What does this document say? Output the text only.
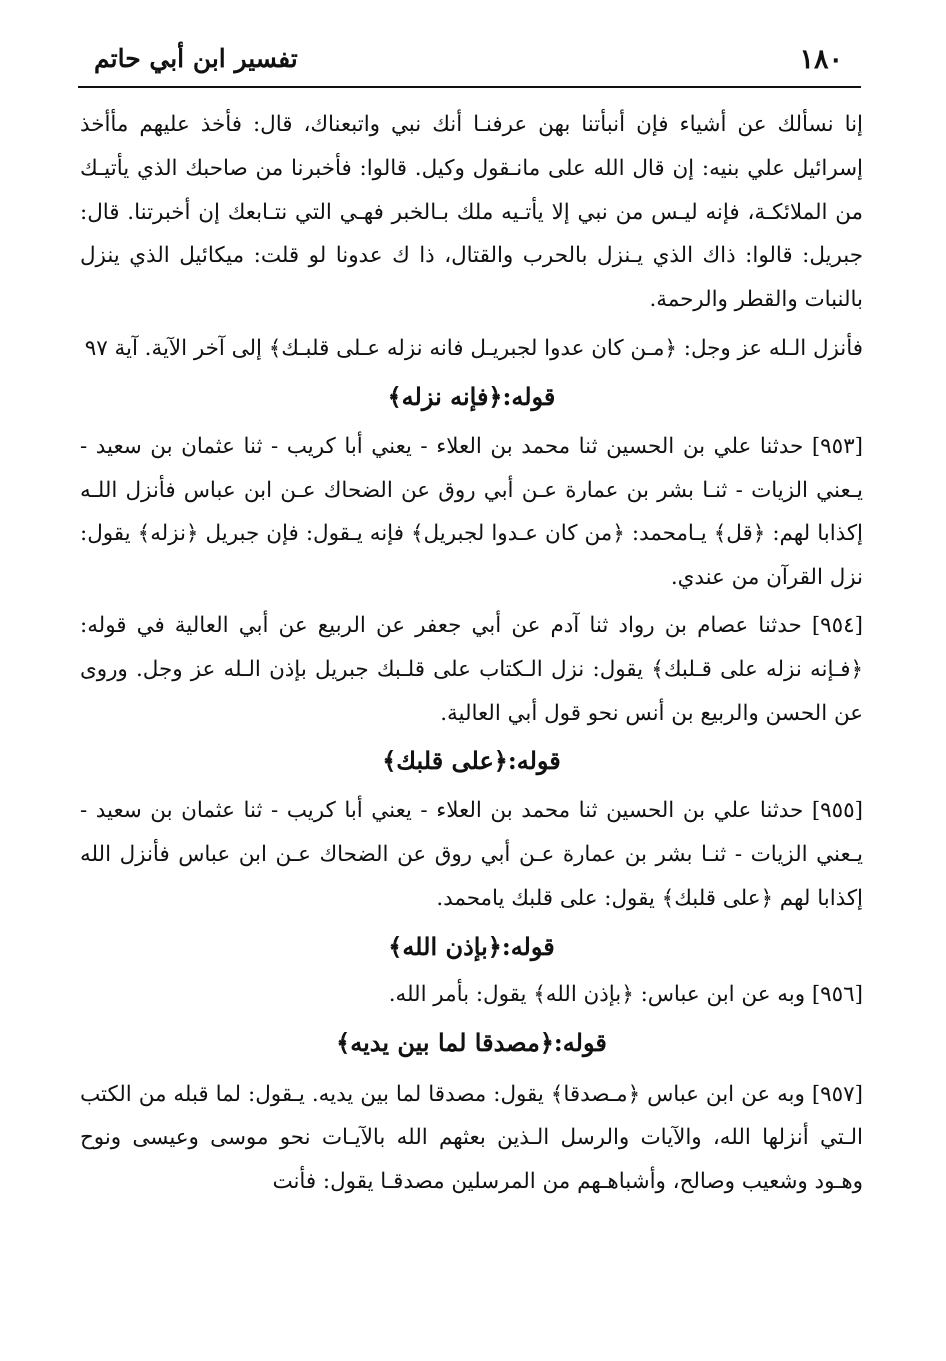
١٨٠
تفسير ابن أبي حاتم

إنا نسألك عن أشياء فإن أنبأتنا بهن عرفنـا أنك نبي واتبعناك، قال: فأخذ عليهم مأأخذ إسرائيل علي بنيه: إن قال الله على مانـقول وكيل. قالوا: فأخبرنا من صاحبك الذي يأتيـك من الملائكـة، فإنه ليـس من نبي إلا يأتـيه ملك بـالخبر فهـي التي نتـابعك إن أخبرتنا. قال: جبريل: قالوا: ذاك الذي يـنزل بالحرب والقتال، ذا ك عدونا لو قلت: ميكائيل الذي ينزل بالنبات والقطر والرحمة.

فأنزل الـله عز وجل: ﴿مـن كان عدوا لجبريـل فانه نزله عـلى قلبـك﴾ إلى آخر الآية. آية ٩٧

قوله:﴿فإنه نزله﴾

[٩٥٣] حدثنا علي بن الحسين ثنا محمد بن العلاء - يعني أبا كريب - ثنا عثمان بن سعيد - يـعني الزيات - ثنـا بشر بن عمارة عـن أبي روق عن الضحاك عـن ابن عباس فأنزل اللـه إكذابا لهم: ﴿قل﴾ يـامحمد: ﴿من كان عـدوا لجبريل﴾ فإنه يـقول: فإن جبريل ﴿نزله﴾ يقول: نزل القرآن من عندي.

[٩٥٤] حدثنا عصام بن رواد ثنا آدم عن أبي جعفر عن الربيع عن أبي العالية في قوله: ﴿فـإنه نزله على قـلبك﴾ يقول: نزل الـكتاب على قلـبك جبريل بإذن الـله عز وجل. وروى عن الحسن والربيع بن أنس نحو قول أبي العالية.

قوله:﴿على قلبك﴾

[٩٥٥] حدثنا علي بن الحسين ثنا محمد بن العلاء - يعني أبا كريب - ثنا عثمان بن سعيد - يـعني الزيات - ثنـا بشر بن عمارة عـن أبي روق عن الضحاك عـن ابن عباس فأنزل الله إكذابا لهم ﴿على قلبك﴾ يقول: على قلبك يامحمد.

قوله:﴿بإذن الله﴾

[٩٥٦] وبه عن ابن عباس: ﴿بإذن الله﴾ يقول: بأمر الله.

قوله:﴿مصدقا لما بين يديه﴾

[٩٥٧] وبه عن ابن عباس ﴿مـصدقا﴾ يقول: مصدقا لما بين يديه. يـقول: لما قبله من الكتب الـتي أنزلها الله، والآيات والرسل الـذين بعثهم الله بالآيـات نحو موسى وعيسى ونوح وهـود وشعيب وصالح، وأشباهـهم من المرسلين مصدقـا يقول: فأنت
